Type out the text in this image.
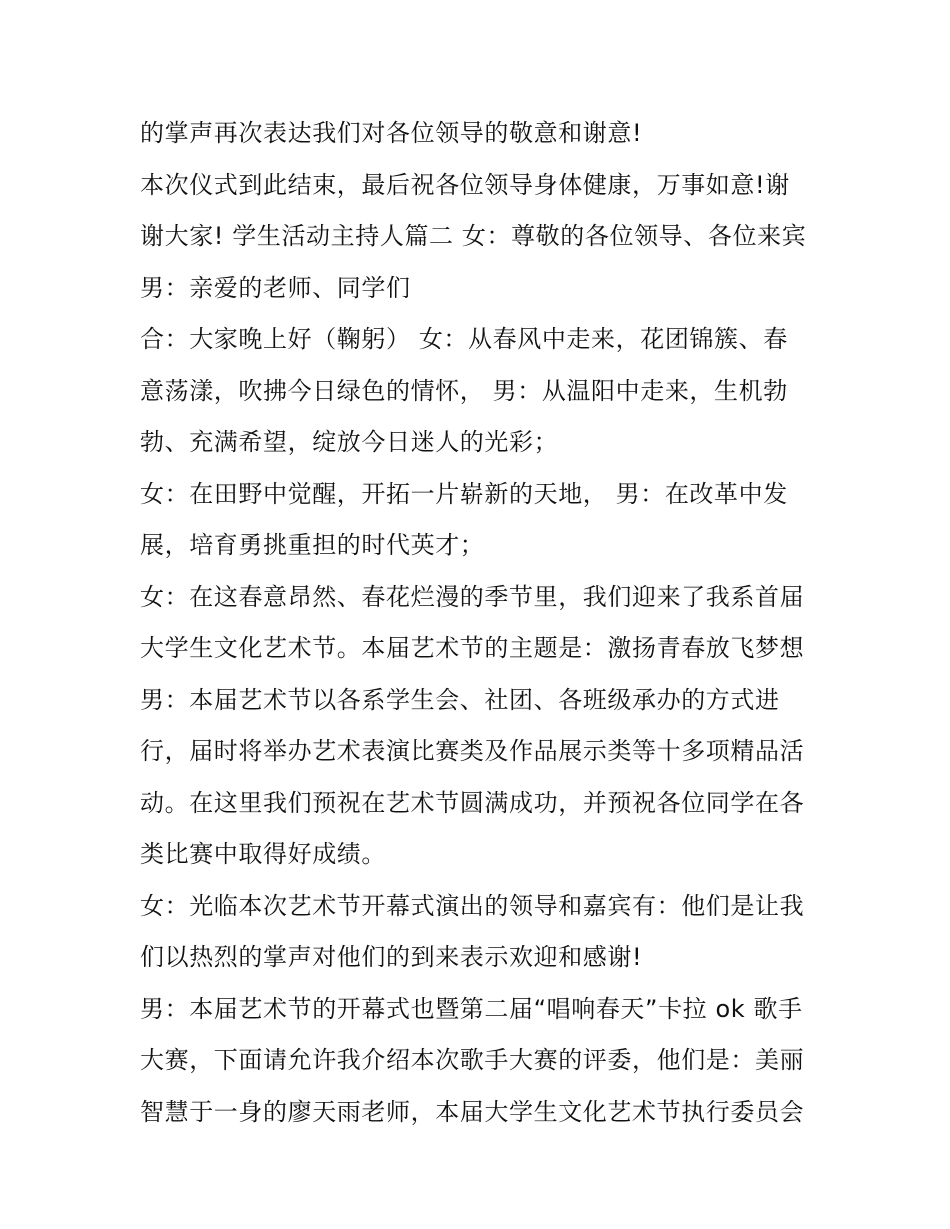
的掌声再次表达我们对各位领导的敬意和谢意!
本次仪式到此结束，最后祝各位领导身体健康，万事如意!谢
谢大家! 学生活动主持人篇二 女：尊敬的各位领导、各位来宾
男：亲爱的老师、同学们
合：大家晚上好（鞠躬） 女：从春风中走来，花团锦簇、春
意荡漾，吹拂今日绿色的情怀， 男：从温阳中走来，生机勃
勃、充满希望，绽放今日迷人的光彩；
女：在田野中觉醒，开拓一片崭新的天地， 男：在改革中发
展，培育勇挑重担的时代英才；
女：在这春意昂然、春花烂漫的季节里，我们迎来了我系首届
大学生文化艺术节。本届艺术节的主题是：激扬青春放飞梦想
男：本届艺术节以各系学生会、社团、各班级承办的方式进
行，届时将举办艺术表演比赛类及作品展示类等十多项精品活
动。在这里我们预祝在艺术节圆满成功，并预祝各位同学在各
类比赛中取得好成绩。
女：光临本次艺术节开幕式演出的领导和嘉宾有：他们是让我
们以热烈的掌声对他们的到来表示欢迎和感谢!
男：本届艺术节的开幕式也暨第二届“唱响春天”卡拉 ok 歌手
大赛，下面请允许我介绍本次歌手大赛的评委，他们是：美丽
智慧于一身的廖天雨老师，本届大学生文化艺术节执行委员会
